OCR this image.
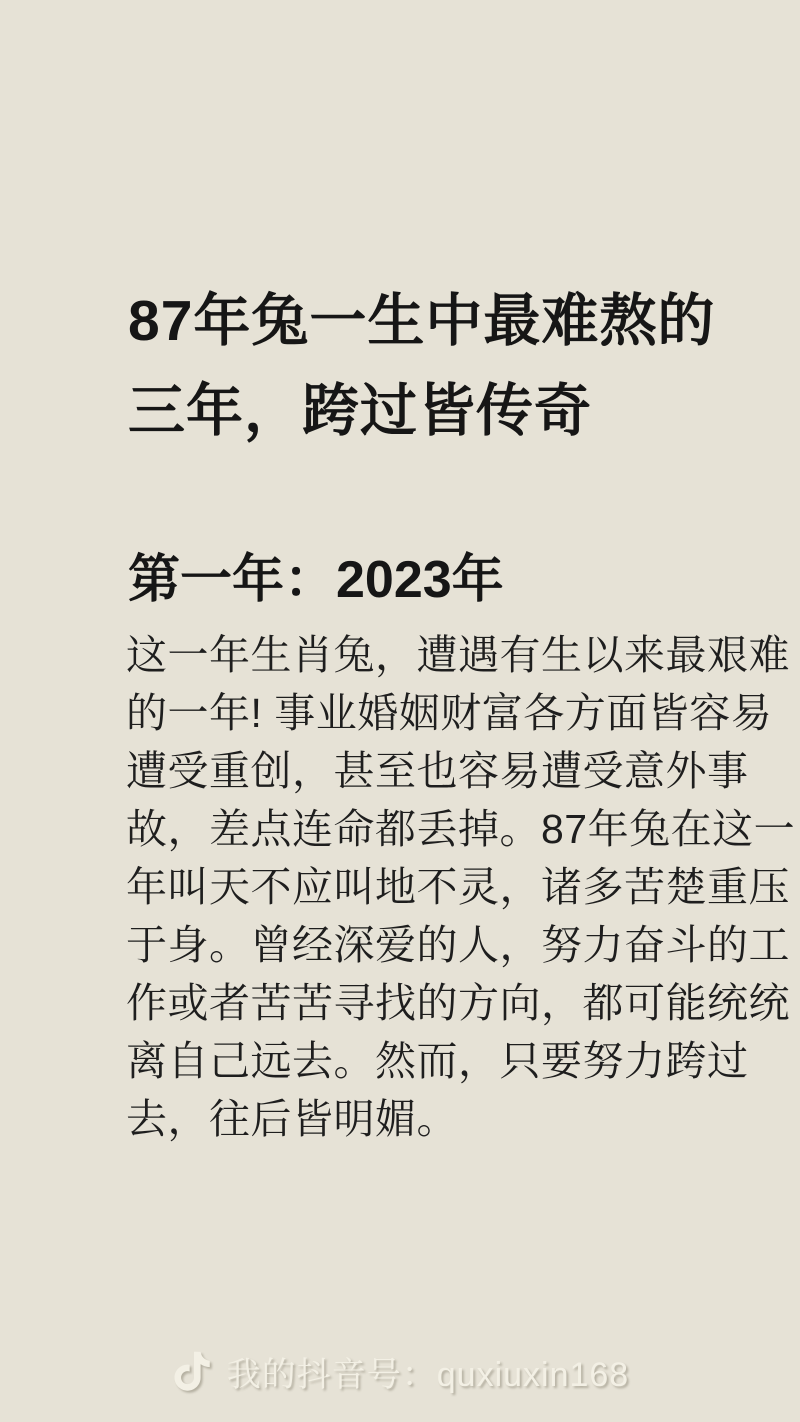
87年兔一生中最难熬的
三年，跨过皆传奇
第一年：2023年
这一年生肖兔，遭遇有生以来最艰难
的一年! 事业婚姻财富各方面皆容易
遭受重创，甚至也容易遭受意外事
故，差点连命都丢掉。87年兔在这一
年叫天不应叫地不灵，诸多苦楚重压
于身。曾经深爱的人，努力奋斗的工
作或者苦苦寻找的方向，都可能统统
离自己远去。然而，只要努力跨过
去，往后皆明媚。
我的抖音号：quxiuxin168
